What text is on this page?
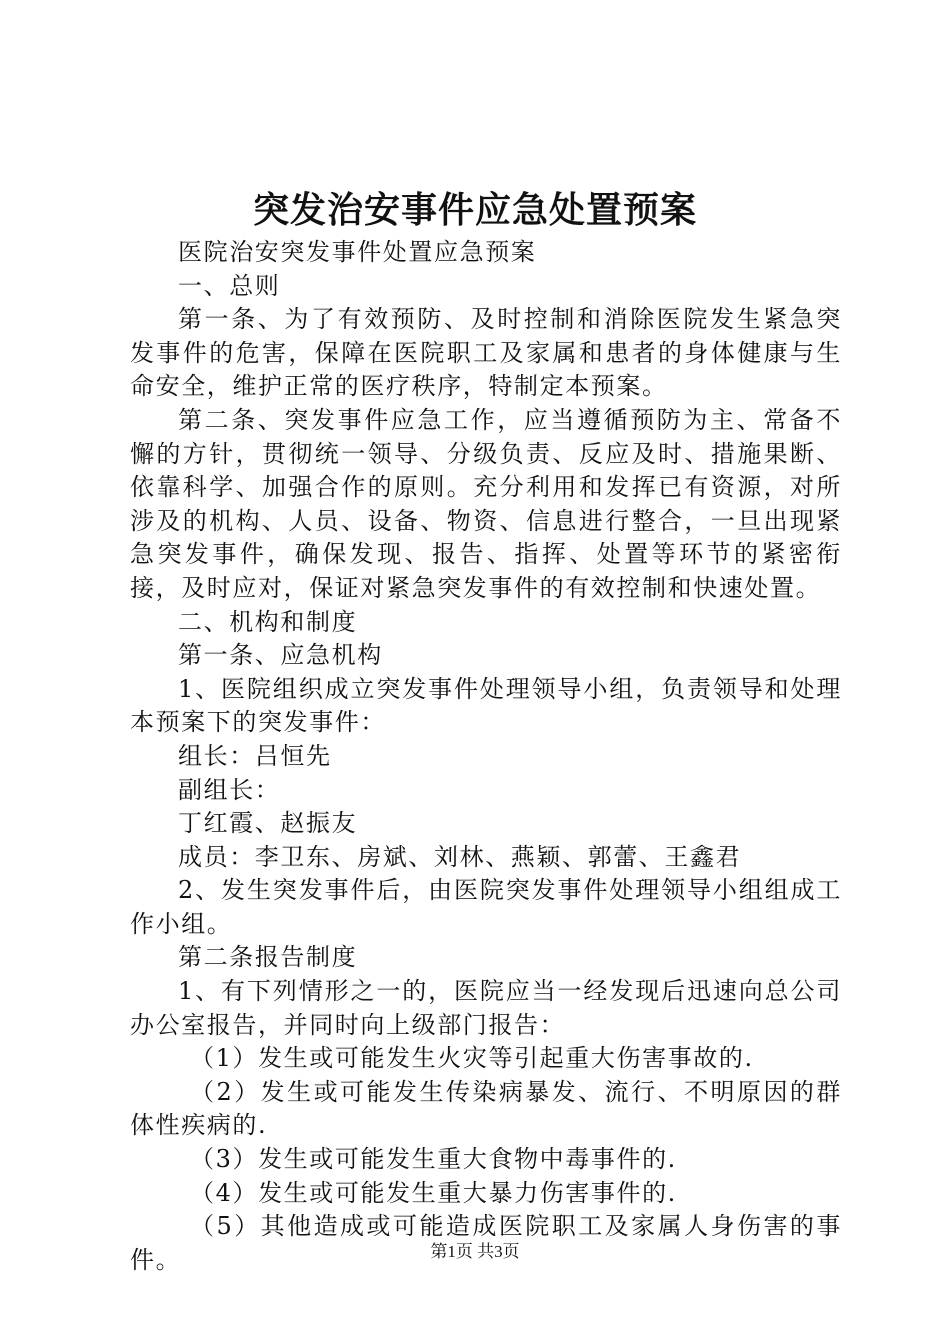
突发治安事件应急处置预案

医院治安突发事件处置应急预案

一、总则

第一条、为了有效预防、及时控制和消除医院发生紧急突发事件的危害，保障在医院职工及家属和患者的身体健康与生命安全，维护正常的医疗秩序，特制定本预案。

第二条、突发事件应急工作，应当遵循预防为主、常备不懈的方针，贯彻统一领导、分级负责、反应及时、措施果断、依靠科学、加强合作的原则。充分利用和发挥已有资源，对所涉及的机构、人员、设备、物资、信息进行整合，一旦出现紧急突发事件，确保发现、报告、指挥、处置等环节的紧密衔接，及时应对，保证对紧急突发事件的有效控制和快速处置。

二、机构和制度

第一条、应急机构

1、医院组织成立突发事件处理领导小组，负责领导和处理本预案下的突发事件：

组长：吕恒先

副组长：

丁红霞、赵振友

成员：李卫东、房斌、刘林、燕颖、郭蕾、王鑫君

2、发生突发事件后，由医院突发事件处理领导小组组成工作小组。

第二条报告制度

1、有下列情形之一的，医院应当一经发现后迅速向总公司办公室报告，并同时向上级部门报告：

（1）发生或可能发生火灾等引起重大伤害事故的.

（2）发生或可能发生传染病暴发、流行、不明原因的群体性疾病的.

（3）发生或可能发生重大食物中毒事件的.

（4）发生或可能发生重大暴力伤害事件的.

（5）其他造成或可能造成医院职工及家属人身伤害的事件。	第1页 共3页
